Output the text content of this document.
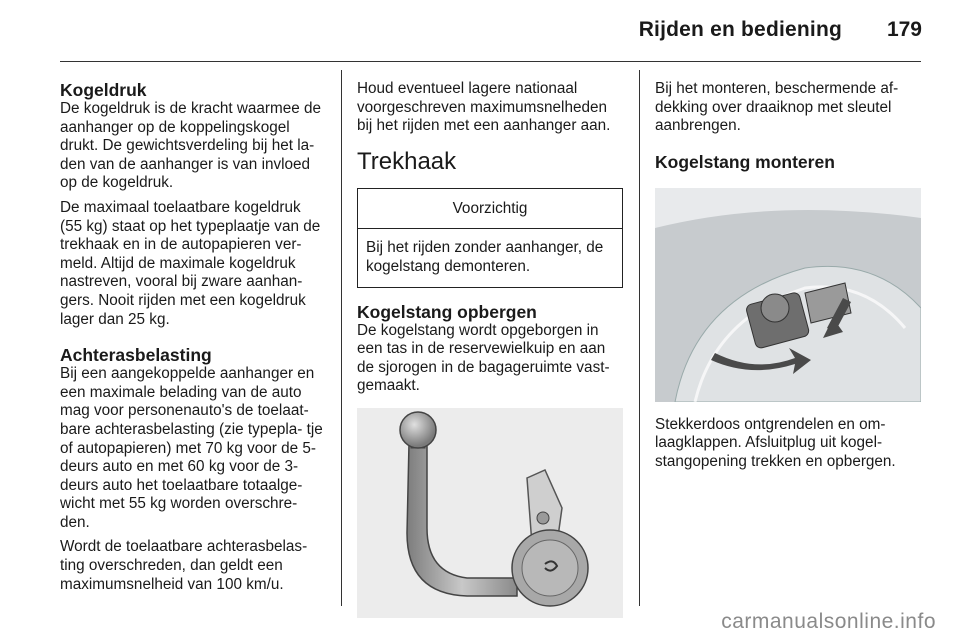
Rijden en bediening 179
Kogeldruk

De kogeldruk is de kracht waarmee de aanhanger op de koppelingskogel drukt. De gewichtsverdeling bij het la- den van de aanhanger is van invloed op de kogeldruk.

De maximaal toelaatbare kogeldruk (55 kg) staat op het typeplaatje van de trekhaak en in de autopapieren ver- meld. Altijd de maximale kogeldruk nastreven, vooral bij zware aanhan- gers. Nooit rijden met een kogeldruk lager dan 25 kg.

Achterasbelasting

Bij een aangekoppelde aanhanger en een maximale belading van de auto mag voor personenauto's de toelaat- bare achterasbelasting (zie typepla- tje of autopapieren) met 70 kg voor de 5-deurs auto en met 60 kg voor de 3- deurs auto het toelaatbare totaalge- wicht met 55 kg worden overschre- den.

Wordt de toelaatbare achterasbelas- ting overschreden, dan geldt een maximumsnelheid van 100 km/u.

Houd eventueel lagere nationaal voorgeschreven maximumsnelheden bij het rijden met een aanhanger aan.

Trekhaak
Voorzichtig
Bij het rijden zonder aanhanger, de kogelstang demonteren.
Kogelstang opbergen

De kogelstang wordt opgeborgen in een tas in de reservewielkuip en aan de sjorogen in de bagageruimte vast- gemaakt.

Bij het monteren, beschermende af- dekking over draaiknop met sleutel aanbrengen.

Kogelstang monteren

Stekkerdoos ontgrendelen en om- laagklappen. Afsluitplug uit kogel- stangopening trekken en opbergen.

carmanualsonline.info
